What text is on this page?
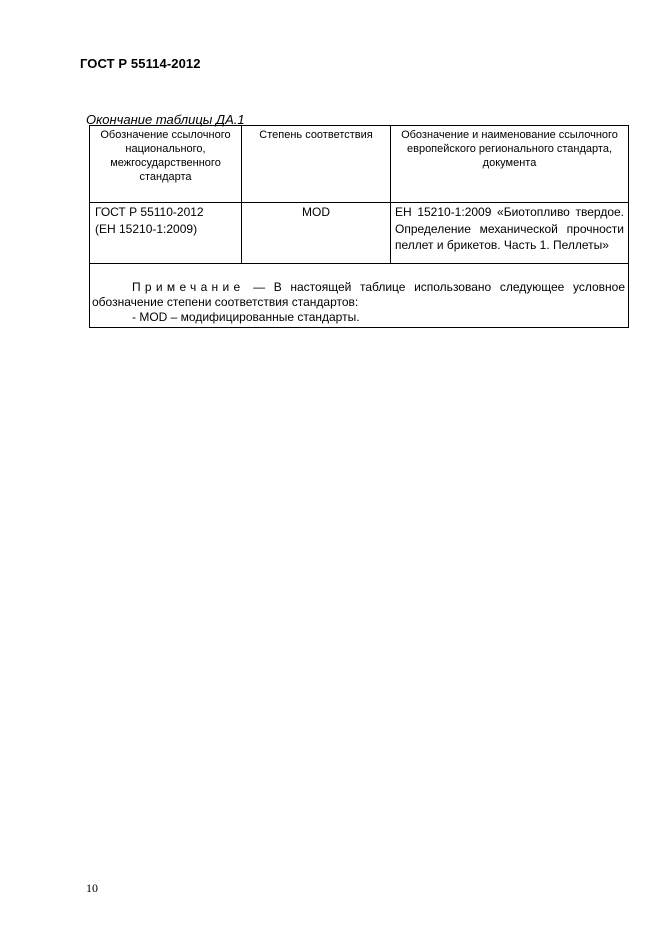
ГОСТ Р 55114-2012
Окончание таблицы ДА.1
Обозначение ссылочного национального, межгосударственного стандарта	Степень соответствия	Обозначение и наименование ссылочного европейского регионального стандарта, документа

ГОСТ Р 55110-2012
(ЕН 15210-1:2009)	MOD	ЕН 15210-1:2009 «Биотопливо твердое. Определение механической прочности пеллет и брикетов. Часть 1. Пеллеты»

Примечание — В настоящей таблице использовано следующее условное обозначение степени соответствия стандартов:
- MOD – модифицированные стандарты.		
10
